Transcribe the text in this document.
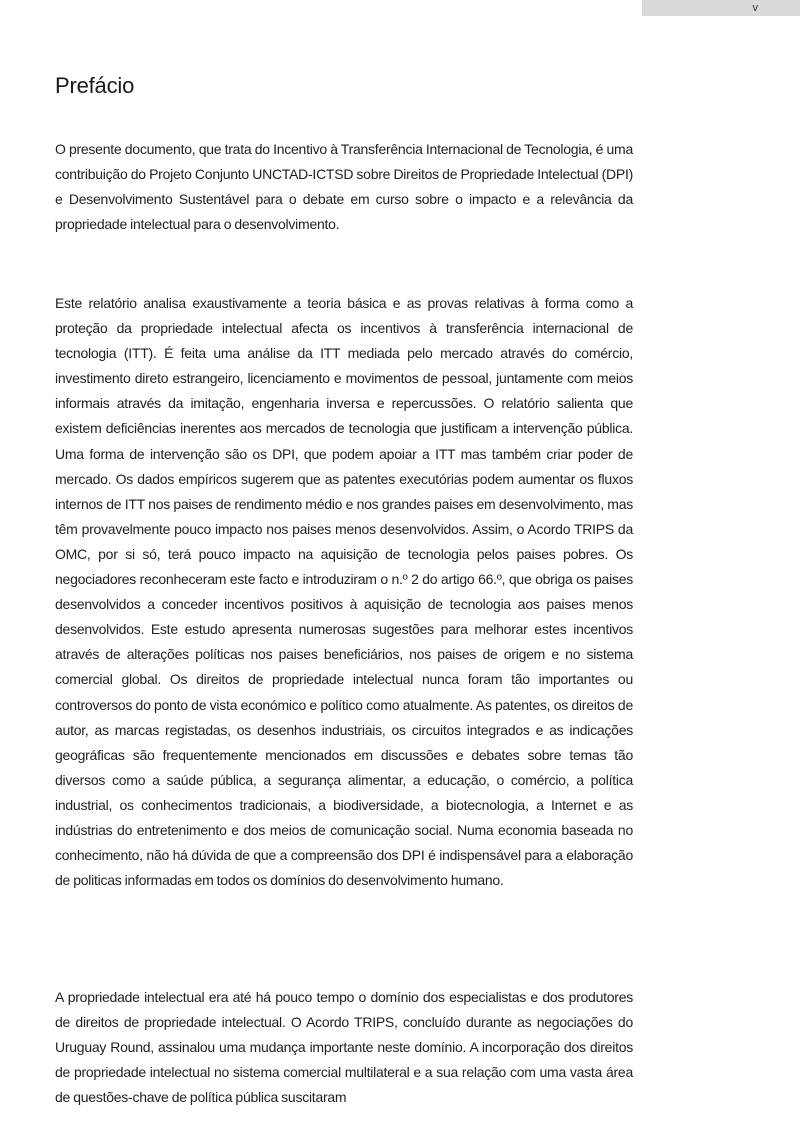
v
Prefácio

O presente documento, que trata do Incentivo à Transferência Internacional de Tecnologia, é uma contribuição do Projeto Conjunto UNCTAD-ICTSD sobre Direitos de Propriedade Intelectual (DPI) e Desenvolvimento Sustentável para o debate em curso sobre o impacto e a relevância da propriedade intelectual para o desenvolvimento.

Este relatório analisa exaustivamente a teoria básica e as provas relativas à forma como a proteção da propriedade intelectual afecta os incentivos à transferência internacional de tecnologia (ITT). É feita uma análise da ITT mediada pelo mercado através do comércio, investimento direto estrangeiro, licenciamento e movimentos de pessoal, juntamente com meios informais através da imitação, engenharia inversa e repercussões. O relatório salienta que existem deficiências inerentes aos mercados de tecnologia que justificam a intervenção pública. Uma forma de intervenção são os DPI, que podem apoiar a ITT mas também criar poder de mercado. Os dados empíricos sugerem que as patentes executórias podem aumentar os fluxos internos de ITT nos paises de rendimento médio e nos grandes paises em desenvolvimento, mas têm provavelmente pouco impacto nos paises menos desenvolvidos. Assim, o Acordo TRIPS da OMC, por si só, terá pouco impacto na aquisição de tecnologia pelos paises pobres. Os negociadores reconheceram este facto e introduziram o n.º 2 do artigo 66.º, que obriga os paises desenvolvidos a conceder incentivos positivos à aquisição de tecnologia aos paises menos desenvolvidos. Este estudo apresenta numerosas sugestões para melhorar estes incentivos através de alterações políticas nos paises beneficiários, nos paises de origem e no sistema comercial global. Os direitos de propriedade intelectual nunca foram tão importantes ou controversos do ponto de vista económico e político como atualmente. As patentes, os direitos de autor, as marcas registadas, os desenhos industriais, os circuitos integrados e as indicações geográficas são frequentemente mencionados em discussões e debates sobre temas tão diversos como a saúde pública, a segurança alimentar, a educação, o comércio, a política industrial, os conhecimentos tradicionais, a biodiversidade, a biotecnologia, a Internet e as indústrias do entretenimento e dos meios de comunicação social. Numa economia baseada no conhecimento, não há dúvida de que a compreensão dos DPI é indispensável para a elaboração de politicas informadas em todos os domínios do desenvolvimento humano.

A propriedade intelectual era até há pouco tempo o domínio dos especialistas e dos produtores de direitos de propriedade intelectual. O Acordo TRIPS, concluído durante as negociações do Uruguay Round, assinalou uma mudança importante neste domínio. A incorporação dos direitos de propriedade intelectual no sistema comercial multilateral e a sua relação com uma vasta área de questões-chave de política pública suscitaram
